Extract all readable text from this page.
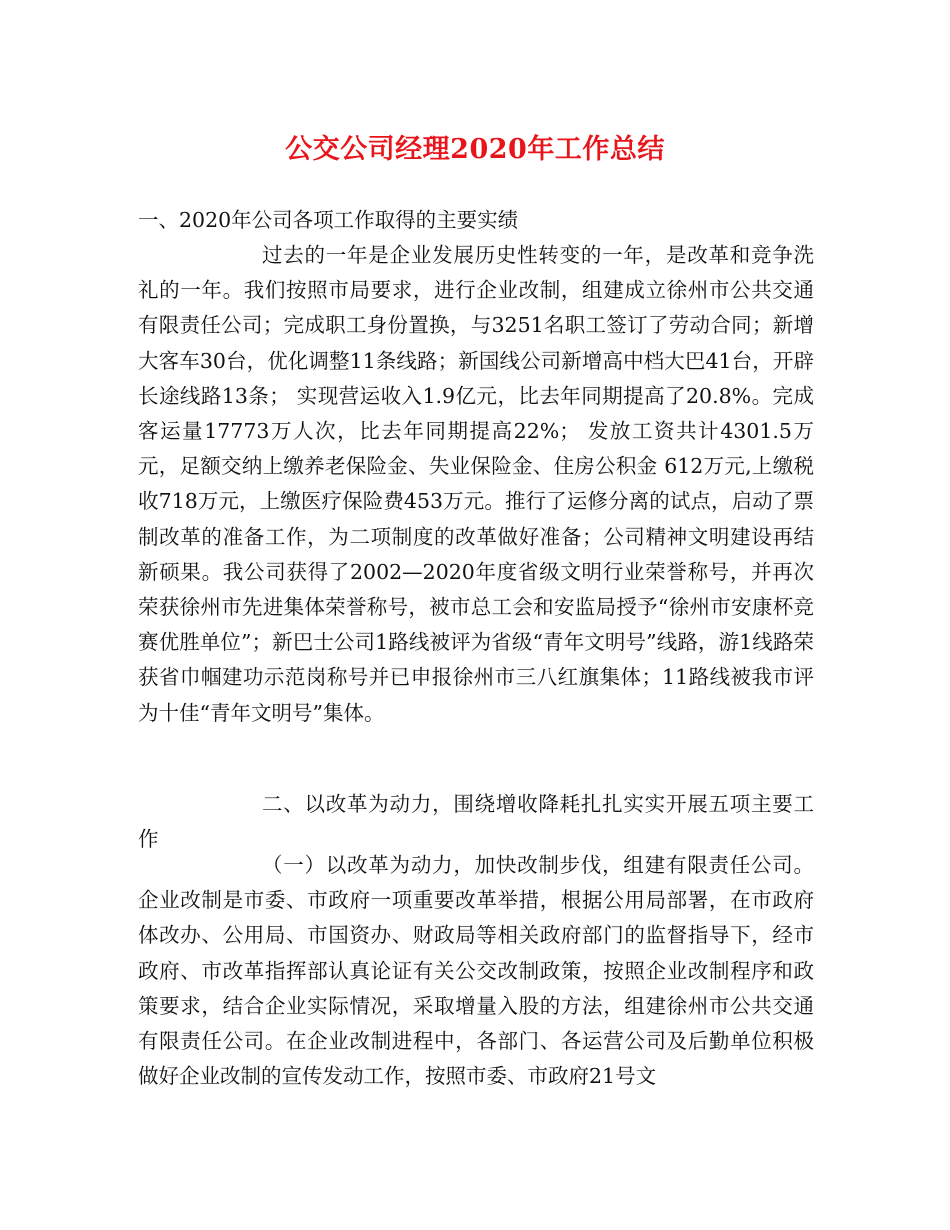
公交公司经理2020年工作总结

一、2020年公司各项工作取得的主要实绩

过去的一年是企业发展历史性转变的一年，是改革和竞争洗礼的一年。我们按照市局要求，进行企业改制，组建成立徐州市公共交通有限责任公司；完成职工身份置换，与3251名职工签订了劳动合同；新增大客车30台，优化调整11条线路；新国线公司新增高中档大巴41台，开辟长途线路13条； 实现营运收入1.9亿元，比去年同期提高了20.8%。完成客运量17773万人次，比去年同期提高22%； 发放工资共计4301.5万元，足额交纳上缴养老保险金、失业保险金、住房公积金 612万元,上缴税收718万元，上缴医疗保险费453万元。推行了运修分离的试点，启动了票制改革的准备工作，为二项制度的改革做好准备；公司精神文明建设再结新硕果。我公司获得了2002—2020年度省级文明行业荣誉称号，并再次荣获徐州市先进集体荣誉称号，被市总工会和安监局授予“徐州市安康杯竞赛优胜单位”；新巴士公司1路线被评为省级“青年文明号”线路，游1线路荣获省巾帼建功示范岗称号并已申报徐州市三八红旗集体；11路线被我市评为十佳“青年文明号”集体。

二、以改革为动力，围绕增收降耗扎扎实实开展五项主要工作

（一）以改革为动力，加快改制步伐，组建有限责任公司。企业改制是市委、市政府一项重要改革举措，根据公用局部署，在市政府体改办、公用局、市国资办、财政局等相关政府部门的监督指导下，经市政府、市改革指挥部认真论证有关公交改制政策，按照企业改制程序和政策要求，结合企业实际情况，采取增量入股的方法，组建徐州市公共交通有限责任公司。在企业改制进程中，各部门、各运营公司及后勤单位积极做好企业改制的宣传发动工作，按照市委、市政府21号文
